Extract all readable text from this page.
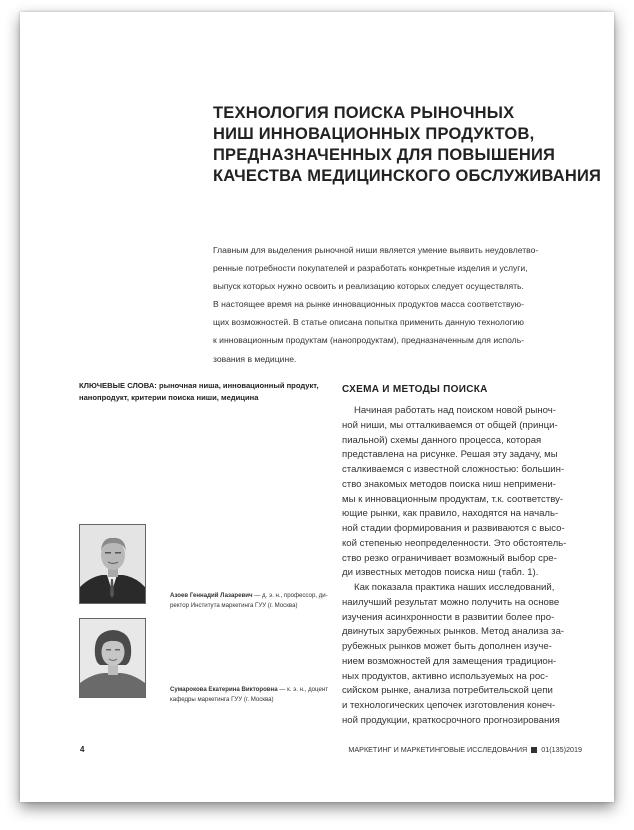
ТЕХНОЛОГИЯ ПОИСКА РЫНОЧНЫХ
НИШ ИННОВАЦИОННЫХ ПРОДУКТОВ,
ПРЕДНАЗНАЧЕННЫХ ДЛЯ ПОВЫШЕНИЯ
КАЧЕСТВА МЕДИЦИНСКОГО ОБСЛУЖИВАНИЯ
Главным для выделения рыночной ниши является умение выявить неудовлетво-
ренные потребности покупателей и разработать конкретные изделия и услуги,
выпуск которых нужно освоить и реализацию которых следует осуществлять.
В настоящее время на рынке инновационных продуктов масса соответствую-
щих возможностей. В статье описана попытка применить данную технологию
к инновационным продуктам (нанопродуктам), предназначенным для исполь-
зования в медицине.
КЛЮЧЕВЫЕ СЛОВА: рыночная ниша, инновационный продукт, нанопродукт, критерии поиска ниши, медицина
СХЕМА И МЕТОДЫ ПОИСКА
Начиная работать над поиском новой рыноч-
ной ниши, мы отталкиваемся от общей (принци-
пиальной) схемы данного процесса, которая
представлена на рисунке. Решая эту задачу, мы
сталкиваемся с известной сложностью: большин-
ство знакомых методов поиска ниш непримени-
мы к инновационным продуктам, т.к. соответству-
ющие рынки, как правило, находятся на началь-
ной стадии формирования и развиваются с высо-
кой степенью неопределенности. Это обстоятель-
ство резко ограничивает возможный выбор сре-
ди известных методов поиска ниш (табл. 1).
Как показала практика наших исследований,
наилучший результат можно получить на основе
изучения асинхронности в развитии более про-
двинутых зарубежных рынков. Метод анализа за-
рубежных рынков может быть дополнен изуче-
нием возможностей для замещения традицион-
ных продуктов, активно используемых на рос-
сийском рынке, анализа потребительской цепи
и технологических цепочек изготовления конеч-
ной продукции, краткосрочного прогнозирования
Азоев Геннадий Лазаревич — д. э. н., профессор, ди-
ректор Института маркетинга ГУУ (г. Москва)
Сумарокова Екатерина Викторовна — к. э. н., доцент
кафедры маркетинга ГУУ (г. Москва)
4	МАРКЕТИНГ И МАРКЕТИНГОВЫЕ ИССЛЕДОВАНИЯ 01(135)2019
